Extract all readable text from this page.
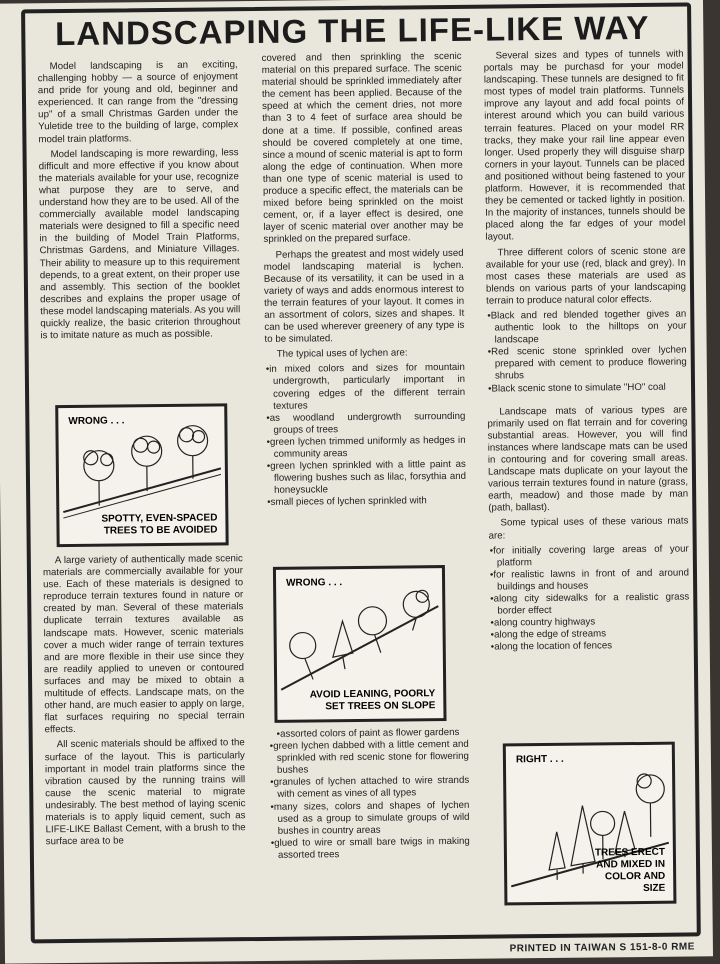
LANDSCAPING THE LIFE-LIKE WAY

Model landscaping is an exciting, challenging hobby — a source of enjoyment and pride for young and old, beginner and experienced. It can range from the "dressing up" of a small Christmas Garden under the Yuletide tree to the building of large, complex model train platforms.

Model landscaping is more rewarding, less difficult and more effective if you know about the materials available for your use, recognize what purpose they are to serve, and understand how they are to be used. All of the commercially available model landscaping materials were designed to fill a specific need in the building of Model Train Platforms, Christmas Gardens, and Miniature Villages. Their ability to measure up to this requirement depends, to a great extent, on their proper use and assembly. This section of the booklet describes and explains the proper usage of these model landscaping materials. As you will quickly realize, the basic criterion throughout is to imitate nature as much as possible.

WRONG . . .
SPOTTY, EVEN-SPACED TREES TO BE AVOIDED

A large variety of authentically made scenic materials are commercially available for your use. Each of these materials is designed to reproduce terrain textures found in nature or created by man. Several of these materials duplicate terrain textures available as landscape mats. However, scenic materials cover a much wider range of terrain textures and are more flexible in their use since they are readily applied to uneven or contoured surfaces and may be mixed to obtain a multitude of effects. Landscape mats, on the other hand, are much easier to apply on large, flat surfaces requiring no special terrain effects.

All scenic materials should be affixed to the surface of the layout. This is particularly important in model train platforms since the vibration caused by the running trains will cause the scenic material to migrate undesirably. The best method of laying scenic materials is to apply liquid cement, such as LIFE-LIKE Ballast Cement, with a brush to the surface area to be

covered and then sprinkling the scenic material on this prepared surface. The scenic material should be sprinkled immediately after the cement has been applied. Because of the speed at which the cement dries, not more than 3 to 4 feet of surface area should be done at a time. If possible, confined areas should be covered completely at one time, since a mound of scenic material is apt to form along the edge of continuation. When more than one type of scenic material is used to produce a specific effect, the materials can be mixed before being sprinkled on the moist cement, or, if a layer effect is desired, one layer of scenic material over another may be sprinkled on the prepared surface.

Perhaps the greatest and most widely used model landscaping material is lychen. Because of its versatility, it can be used in a variety of ways and adds enormous interest to the terrain features of your layout. It comes in an assortment of colors, sizes and shapes. It can be used wherever greenery of any type is to be simulated.

The typical uses of lychen are:

• in mixed colors and sizes for mountain undergrowth, particularly important in covering edges of the different terrain textures
• as woodland undergrowth surrounding groups of trees
• green lychen trimmed uniformly as hedges in community areas
• green lychen sprinkled with a little paint as flowering bushes such as lilac, forsythia and honeysuckle
• small pieces of lychen sprinkled with
WRONG . . .
AVOID LEANING, POORLY SET TREES ON SLOPE
• assorted colors of paint as flower gardens
• green lychen dabbed with a little cement and sprinkled with red scenic stone for flowering bushes
• granules of lychen attached to wire strands with cement as vines of all types
• many sizes, colors and shapes of lychen used as a group to simulate groups of wild bushes in country areas
• glued to wire or small bare twigs in making assorted trees

Several sizes and types of tunnels with portals may be purchasd for your model landscaping. These tunnels are designed to fit most types of model train platforms. Tunnels improve any layout and add focal points of interest around which you can build various terrain features. Placed on your model RR tracks, they make your rail line appear even longer. Used properly they will disguise sharp corners in your layout. Tunnels can be placed and positioned without being fastened to your platform. However, it is recommended that they be cemented or tacked lightly in position. In the majority of instances, tunnels should be placed along the far edges of your model layout.

Three different colors of scenic stone are available for your use (red, black and grey). In most cases these materials are used as blends on various parts of your landscaping terrain to produce natural color effects.

• Black and red blended together gives an authentic look to the hilltops on your landscape
• Red scenic stone sprinkled over lychen prepared with cement to produce flowering shrubs
• Black scenic stone to simulate "HO" coal

Landscape mats of various types are primarily used on flat terrain and for covering substantial areas. However, you will find instances where landscape mats can be used in contouring and for covering small areas. Landscape mats duplicate on your layout the various terrain textures found in nature (grass, earth, meadow) and those made by man (path, ballast).

Some typical uses of these various mats are:

• for initially covering large areas of your platform
• for realistic lawns in front of and around buildings and houses
• along city sidewalks for a realistic grass border effect
• along country highways
• along the edge of streams
• along the location of fences
RIGHT . . .
TREES ERECT AND MIXED IN COLOR AND SIZE
PRINTED IN TAIWAN S 151-8-0 RME
